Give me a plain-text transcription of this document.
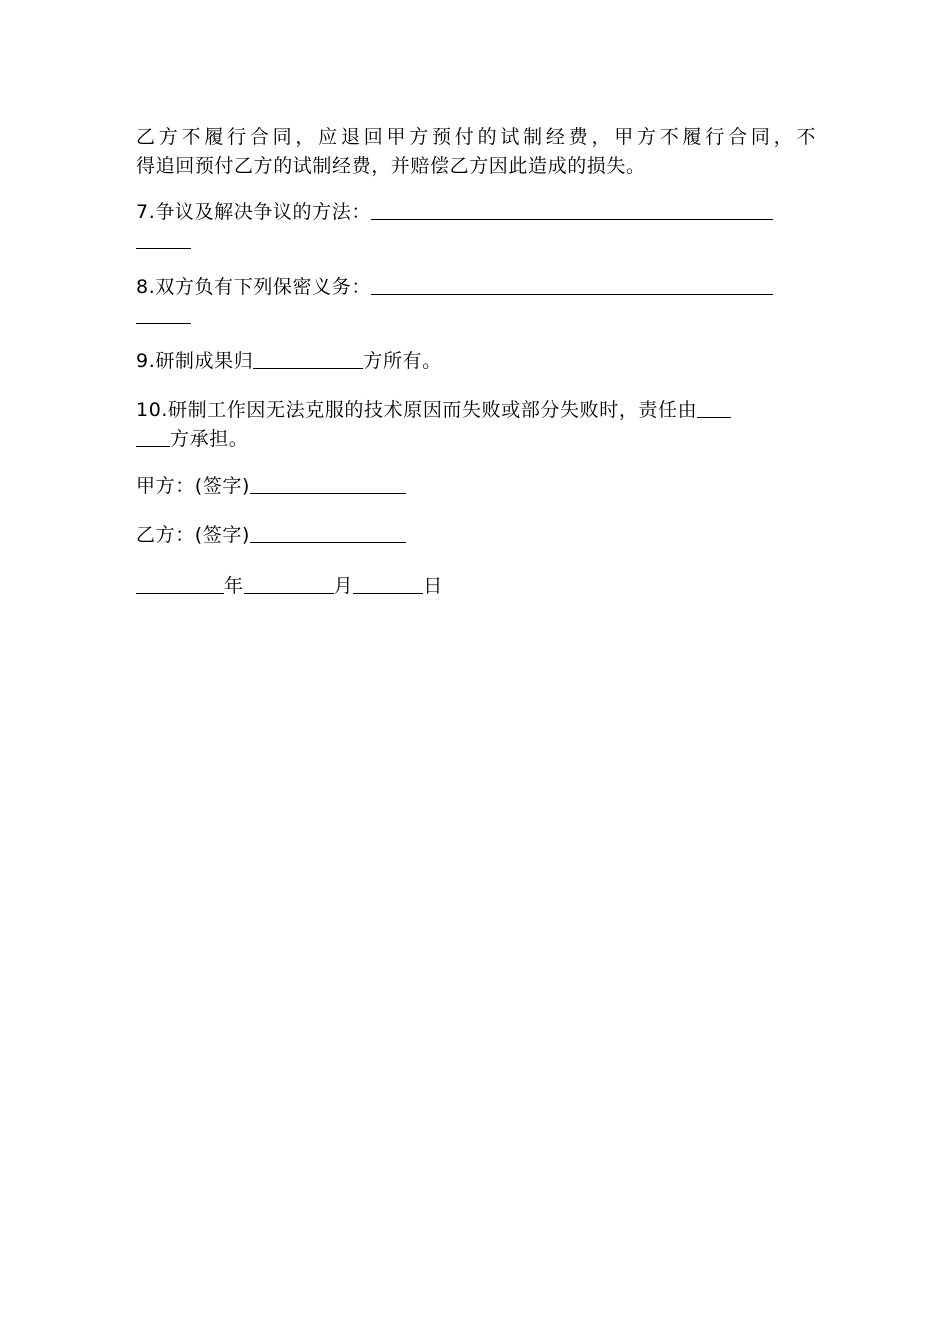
乙方不履行合同，应退回甲方预付的试制经费，甲方不履行合同，不
得追回预付乙方的试制经费，并赔偿乙方因此造成的损失。
7.争议及解决争议的方法：
8.双方负有下列保密义务：
9.研制成果归	方所有。
10.研制工作因无法克服的技术原因而失败或部分失败时，责任由
方承担。
甲方：(签字)
乙方：(签字)
年	月	日
